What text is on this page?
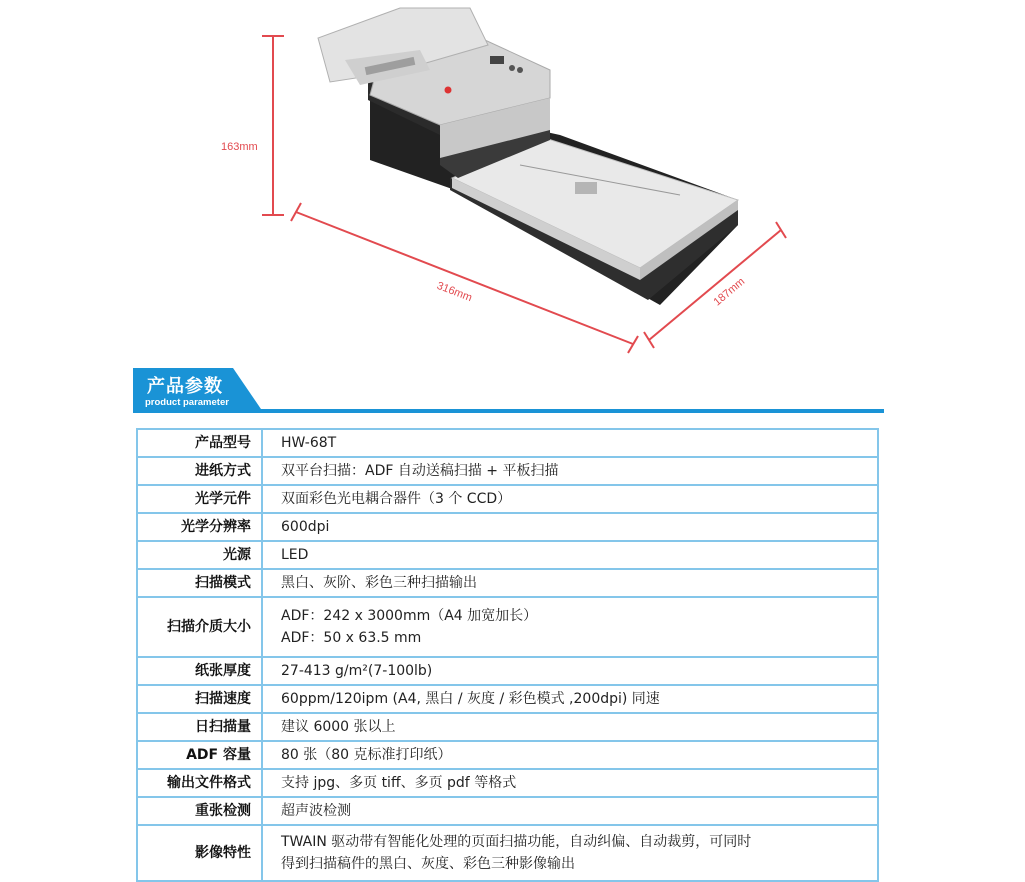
163mm
316mm	187mm
产品参数
product parameter
产品型号	HW-68T

进纸方式	双平台扫描：ADF 自动送稿扫描 + 平板扫描

光学元件	双面彩色光电耦合器件（3 个 CCD）

光学分辨率	600dpi

光源	LED

扫描模式	黑白、灰阶、彩色三种扫描输出

扫描介质大小	ADF：242 x 3000mm（A4 加宽加长）
ADF：50 x 63.5 mm

纸张厚度	27-413 g/m²(7-100lb)

扫描速度	60ppm/120ipm (A4, 黑白 / 灰度 / 彩色模式 ,200dpi) 同速

日扫描量	建议 6000 张以上

ADF 容量	80 张（80 克标准打印纸）

输出文件格式	支持 jpg、多页 tiff、多页 pdf 等格式

重张检测	超声波检测

影像特性	TWAIN 驱动带有智能化处理的页面扫描功能，自动纠偏、自动裁剪，可同时
得到扫描稿件的黑白、灰度、彩色三种影像输出
